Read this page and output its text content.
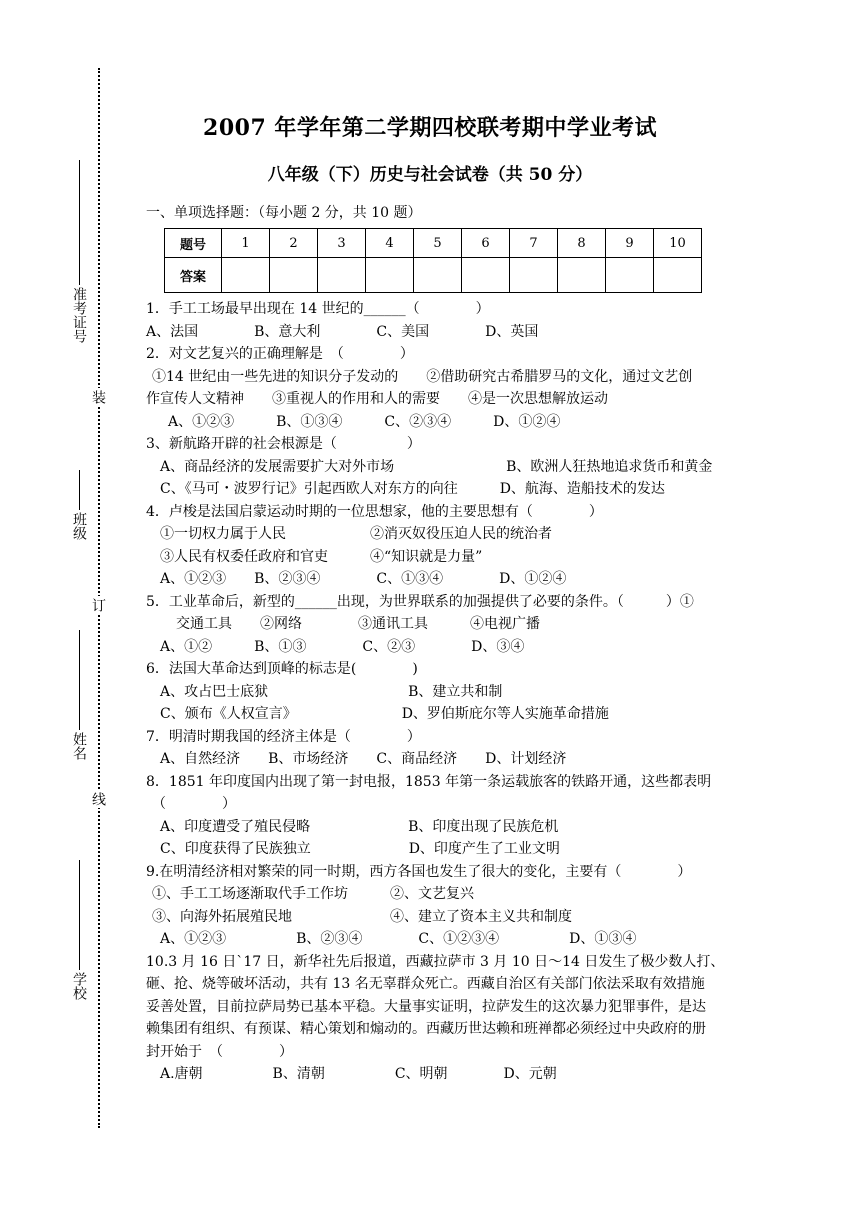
准考证号
班级
姓名
学校
装
订
线
2007 年学年第二学期四校联考期中学业考试
八年级（下）历史与社会试卷（共 50 分）
一、单项选择题：（每小题 2 分，共 10 题）
题号	1	2	3	4	5	6	7	8	9	10
答案										
1．手工工场最早出现在 14 世纪的______（　　　　）
A、法国　　　　B、意大利　　　　C、美国　　　　D、英国
2．对文艺复兴的正确理解是　（　　　　）
①14 世纪由一些先进的知识分子发动的　　②借助研究古希腊罗马的文化，通过文艺创
作宣传人文精神　　③重视人的作用和人的需要　　④是一次思想解放运动
A、①②③　　　B、①③④　　　C、②③④　　　D、①②④
3、新航路开辟的社会根源是（　　　　　）
A、商品经济的发展需要扩大对外市场　　　　　　　　B、欧洲人狂热地追求货币和黄金
C、《马可・波罗行记》引起西欧人对东方的向往　　　D、航海、造船技术的发达
4．卢梭是法国启蒙运动时期的一位思想家，他的主要思想有（　　　　）
①一切权力属于人民　　　　　　②消灭奴役压迫人民的统治者
③人民有权委任政府和官吏　　　④“知识就是力量”
A、①②③　　B、②③④　　　　C、①③④　　　　D、①②④
5．工业革命后，新型的______出现，为世界联系的加强提供了必要的条件。（　　　）①
交通工具　　②网络　　　　③通讯工具　　　④电视广播
A、①②　　　B、①③　　　　C、②③　　　　D、③④
6．法国大革命达到顶峰的标志是(　　　　)
A、攻占巴士底狱　　　　　　　　　　B、建立共和制
C、颁布《人权宣言》　　　　　　　　D、罗伯斯庇尔等人实施革命措施
7．明清时期我国的经济主体是（　　　　）
A、自然经济　　B、市场经济　　C、商品经济　　D、计划经济
8．1851 年印度国内出现了第一封电报，1853 年第一条运载旅客的铁路开通，这些都表明
（　　　　）
A、印度遭受了殖民侵略　　　　　　　B、印度出现了民族危机
C、印度获得了民族独立　　　　　　　D、印度产生了工业文明
9.在明清经济相对繁荣的同一时期，西方各国也发生了很大的变化，主要有（　　　　）
①、手工工场逐渐取代手工作坊　　　②、文艺复兴
③、向海外拓展殖民地　　　　　　　④、建立了资本主义共和制度
A、①②③　　　　　B、②③④　　　　C、①②③④　　　　　D、①③④
10.3 月 16 日`17 日，新华社先后报道，西藏拉萨市 3 月 10 日～14 日发生了极少数人打、
砸、抢、烧等破坏活动，共有 13 名无辜群众死亡。西藏自治区有关部门依法采取有效措施
妥善处置，目前拉萨局势已基本平稳。大量事实证明，拉萨发生的这次暴力犯罪事件，是达
赖集团有组织、有预谋、精心策划和煽动的。西藏历世达赖和班禅都必须经过中央政府的册
封开始于　（　　　　）
A.唐朝　　　　　B、清朝　　　　　C、明朝　　　　D、元朝
